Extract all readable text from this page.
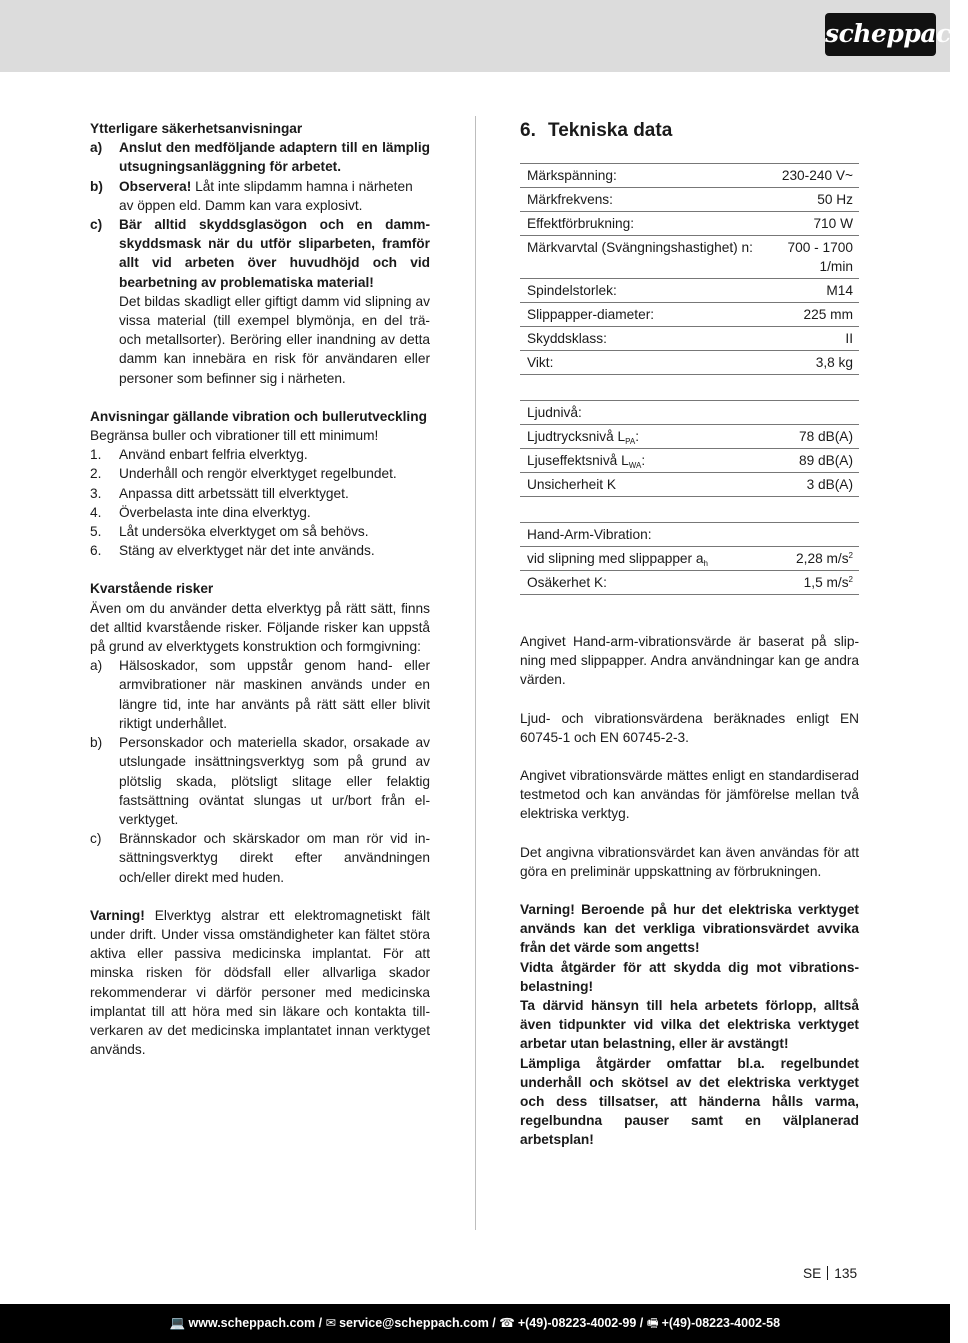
scheppach

Ytterligare säkerhetsanvisningar

a)	Anslut den medföljande adaptern till en lämplig utsugningsanläggning för arbetet.
b)	Observera! Låt inte slipdamm hamna i närheten av öppen eld. Damm kan vara explosivt.
c)	Bär alltid skyddsglasögon och en dammskyddsmask när du utför sliparbeten, framför allt vid arbeten över huvudhöjd och vid bearbetning av problematiska material!
Det bildas skadligt eller giftigt damm vid slipning av vissa material (till exempel blymönja, en del trä- och metallsorter). Beröring eller inandning av detta damm kan innebära en risk för användaren eller personer som befinner sig i närheten.

Anvisningar gällande vibration och bullerutveckling

Begränsa buller och vibrationer till ett minimum!

1.	Använd enbart felfria elverktyg.
2.	Underhåll och rengör elverktyget regelbundet.
3.	Anpassa ditt arbetssätt till elverktyget.
4.	Överbelasta inte dina elverktyg.
5.	Låt undersöka elverktyget om så behövs.
6.	Stäng av elverktyget när det inte används.

Kvarstående risker

Även om du använder detta elverktyg på rätt sätt, finns det alltid kvarstående risker. Följande risker kan uppstå på grund av elverktygets konstruktion och formgivning:

a)	Hälsoskador, som uppstår genom hand- eller armvibrationer när maskinen används under en längre tid, inte har använts på rätt sätt eller blivit riktigt underhållet.
b)	Personskador och materiella skador, orsakade av utslungade insättningsverktyg som på grund av plötslig skada, plötsligt slitage eller felaktig fastsättning oväntat slungas ut ur/bort från elverktyget.
c)	Brännskador och skärskador om man rör vid insättningsverktyg direkt efter användningen och/eller direkt med huden.

Varning! Elverktyg alstrar ett elektromagnetiskt fält under drift. Under vissa omständigheter kan fältet störa aktiva eller passiva medicinska implantat. För att minska risken för dödsfall eller allvarliga skador rekommenderar vi därför personer med medicinska implantat till att höra med sin läkare och kontakta tillverkaren av det medicinska implantatet innan verktyget används.

6. Tekniska data
Märkspänning:	230-240 V~
Märkfrekvens:	50 Hz
Effektförbrukning:	710 W
Märkvarvtal (Svängningshastighet) n:	700 - 1700 1/min
Spindelstorlek:	M14
Slippapper-diameter:	225 mm
Skyddsklass:	II
Vikt:	3,8 kg
Ljudnivå:	
Ljudtrycksnivå $L_{PA}$:	78 dB(A)
Ljuseffektsnivå $L_{WA}$:	89 dB(A)
Unsicherheit K	3 dB(A)
Hand-Arm-Vibration:	
vid slipning med slippapper $a_h$	2,28 $m/s^2$
Osäkerhet K:	1,5 $m/s^2$

Angivet Hand-arm-vibrationsvärde är baserat på slipning med slippapper. Andra användningar kan ge andra värden.

Ljud- och vibrationsvärdena beräknades enligt EN 60745-1 och EN 60745-2-3.

Angivet vibrationsvärde mättes enligt en standardiserad testmetod och kan användas för jämförelse mellan två elektriska verktyg.

Det angivna vibrationsvärdet kan även användas för att göra en preliminär uppskattning av förbrukningen.

Varning! Beroende på hur det elektriska verktyget används kan det verkliga vibrationsvärdet avvika från det värde som angetts!

Vidta åtgärder för att skydda dig mot vibrationsbelastning!

Ta därvid hänsyn till hela arbetets förlopp, alltså även tidpunkter vid vilka det elektriska verktyget arbetar utan belastning, eller är avstängt!

Lämpliga åtgärder omfattar bl.a. regelbundet underhåll och skötsel av det elektriska verktyget och dess tillsatser, att händerna hålls varma, regelbundna pauser samt en välplanerad arbetsplan!

SE 135
💻 www.scheppach.com / ✉ service@scheppach.com / ☎ +(49)-08223-4002-99 / 🖷 +(49)-08223-4002-58
